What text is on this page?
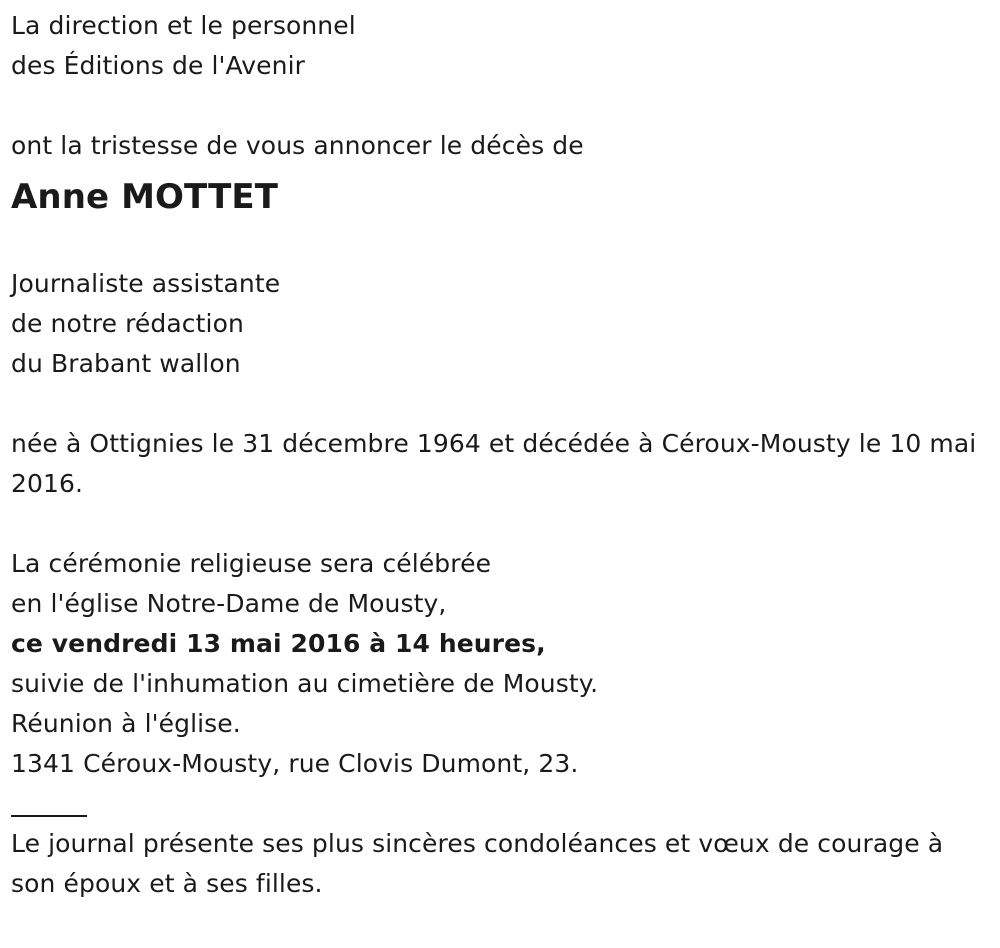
La direction et le personnel
des Éditions de l'Avenir
ont la tristesse de vous annoncer le décès de
Anne MOTTET
Journaliste assistante
de notre rédaction
du Brabant wallon
née à Ottignies le 31 décembre 1964 et décédée à Céroux-Mousty le 10 mai 2016.
La cérémonie religieuse sera célébrée
en l'église Notre-Dame de Mousty,
ce vendredi 13 mai 2016 à 14 heures,
suivie de l'inhumation au cimetière de Mousty.
Réunion à l'église.
1341 Céroux-Mousty, rue Clovis Dumont, 23.
Le journal présente ses plus sincères condoléances et vœux de courage à son époux et à ses filles.
